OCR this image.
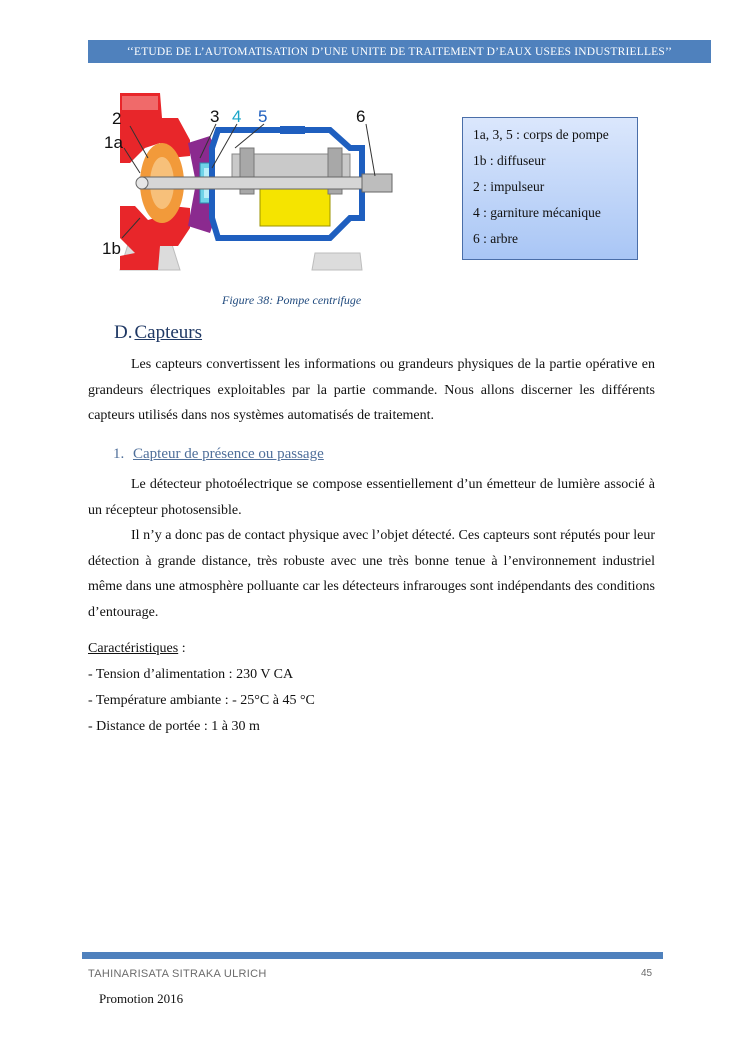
‘‘ETUDE DE L’AUTOMATISATION D’UNE UNITE DE TRAITEMENT D’EAUX USEES INDUSTRIELLES’’
2
1a
3 4 5	6
1b
1a, 3, 5 : corps de pompe
1b : diffuseur
2 : impulseur
4 : garniture mécanique
6 : arbre
Figure 38: Pompe centrifuge
D. Capteurs

Les capteurs convertissent les informations ou grandeurs physiques de la partie opérative en grandeurs électriques exploitables par la partie commande. Nous allons discerner les différents capteurs utilisés dans nos systèmes automatisés de traitement.

1. Capteur de présence ou passage

Le détecteur photoélectrique se compose essentiellement d’un émetteur de lumière associé à un récepteur photosensible.

Il n’y a donc pas de contact physique avec l’objet détecté. Ces capteurs sont réputés pour leur détection à grande distance, très robuste avec une très bonne tenue à l’environnement industriel même dans une atmosphère polluante car les détecteurs infrarouges sont indépendants des conditions d’entourage.

Caractéristiques :
- Tension d’alimentation : 230 V CA
- Température ambiante : - 25°C à 45 °C
- Distance de portée : 1 à 30 m
TAHINARISATA SITRAKA ULRICH	45
Promotion 2016
